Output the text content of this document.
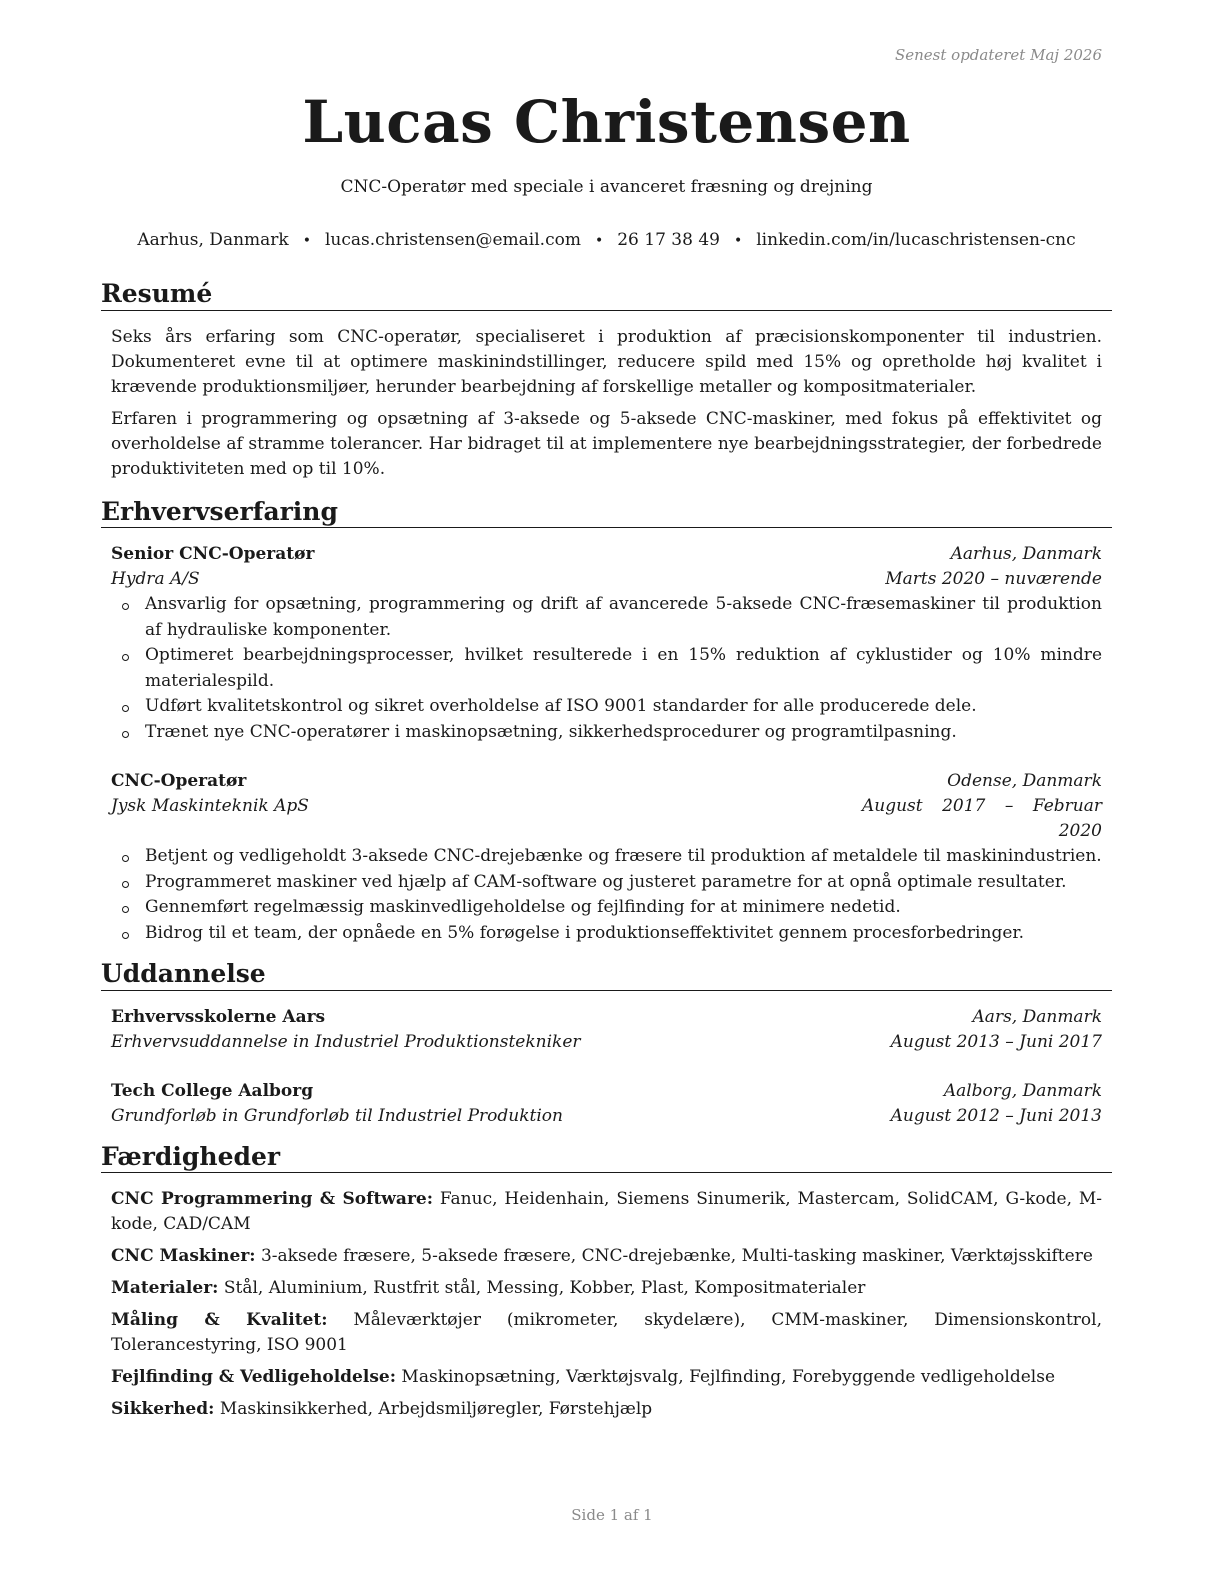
Senest opdateret Maj 2026
Lucas Christensen
CNC-Operatør med speciale i avanceret fræsning og drejning
Aarhus, Danmark • lucas.christensen@email.com • 26 17 38 49 • linkedin.com/in/lucaschristensen-cnc
Resumé

Seks års erfaring som CNC-operatør, specialiseret i produktion af præcisionskomponenter til industrien. Dokumenteret evne til at optimere maskinindstillinger, reducere spild med 15% og opretholde høj kvalitet i krævende produktionsmiljøer, herunder bearbejdning af forskellige metaller og kompositmaterialer.

Erfaren i programmering og opsætning af 3-aksede og 5-aksede CNC-maskiner, med fokus på effektivitet og overholdelse af stramme tolerancer. Har bidraget til at implementere nye bearbejdningsstrategier, der forbedrede produktiviteten med op til 10%.

Erhvervserfaring
Senior CNC-Operatør	Aarhus, Danmark
Hydra A/S	Marts 2020 – nuværende
Ansvarlig for opsætning, programmering og drift af avancerede 5-aksede CNC-fræsemaskiner til produktion af hydrauliske komponenter.
Optimeret bearbejdningsprocesser, hvilket resulterede i en 15% reduktion af cyklustider og 10% mindre materialespild.
Udført kvalitetskontrol og sikret overholdelse af ISO 9001 standarder for alle producerede dele.
Trænet nye CNC-operatører i maskinopsætning, sikkerhedsprocedurer og programtilpasning.
CNC-Operatør	Odense, Danmark
Jysk Maskinteknik ApS	August 2017 – Februar 2020
Betjent og vedligeholdt 3-aksede CNC-drejebænke og fræsere til produktion af metaldele til maskinindustrien.
Programmeret maskiner ved hjælp af CAM-software og justeret parametre for at opnå optimale resultater.
Gennemført regelmæssig maskinvedligeholdelse og fejlfinding for at minimere nedetid.
Bidrog til et team, der opnåede en 5% forøgelse i produktionseffektivitet gennem procesforbedringer.
Uddannelse
Erhvervsskolerne Aars	Aars, Danmark
Erhvervsuddannelse in Industriel Produktionstekniker	August 2013 – Juni 2017
Tech College Aalborg	Aalborg, Danmark
Grundforløb in Grundforløb til Industriel Produktion	August 2012 – Juni 2013
Færdigheder

CNC Programmering & Software: Fanuc, Heidenhain, Siemens Sinumerik, Mastercam, SolidCAM, G-kode, M-kode, CAD/CAM

CNC Maskiner: 3-aksede fræsere, 5-aksede fræsere, CNC-drejebænke, Multi-tasking maskiner, Værktøjsskiftere

Materialer: Stål, Aluminium, Rustfrit stål, Messing, Kobber, Plast, Kompositmaterialer

Måling & Kvalitet: Måleværktøjer (mikrometer, skydelære), CMM-maskiner, Dimensionskontrol, Tolerancestyring, ISO 9001

Fejlfinding & Vedligeholdelse: Maskinopsætning, Værktøjsvalg, Fejlfinding, Forebyggende vedligeholdelse

Sikkerhed: Maskinsikkerhed, Arbejdsmiljøregler, Førstehjælp

Side 1 af 1
